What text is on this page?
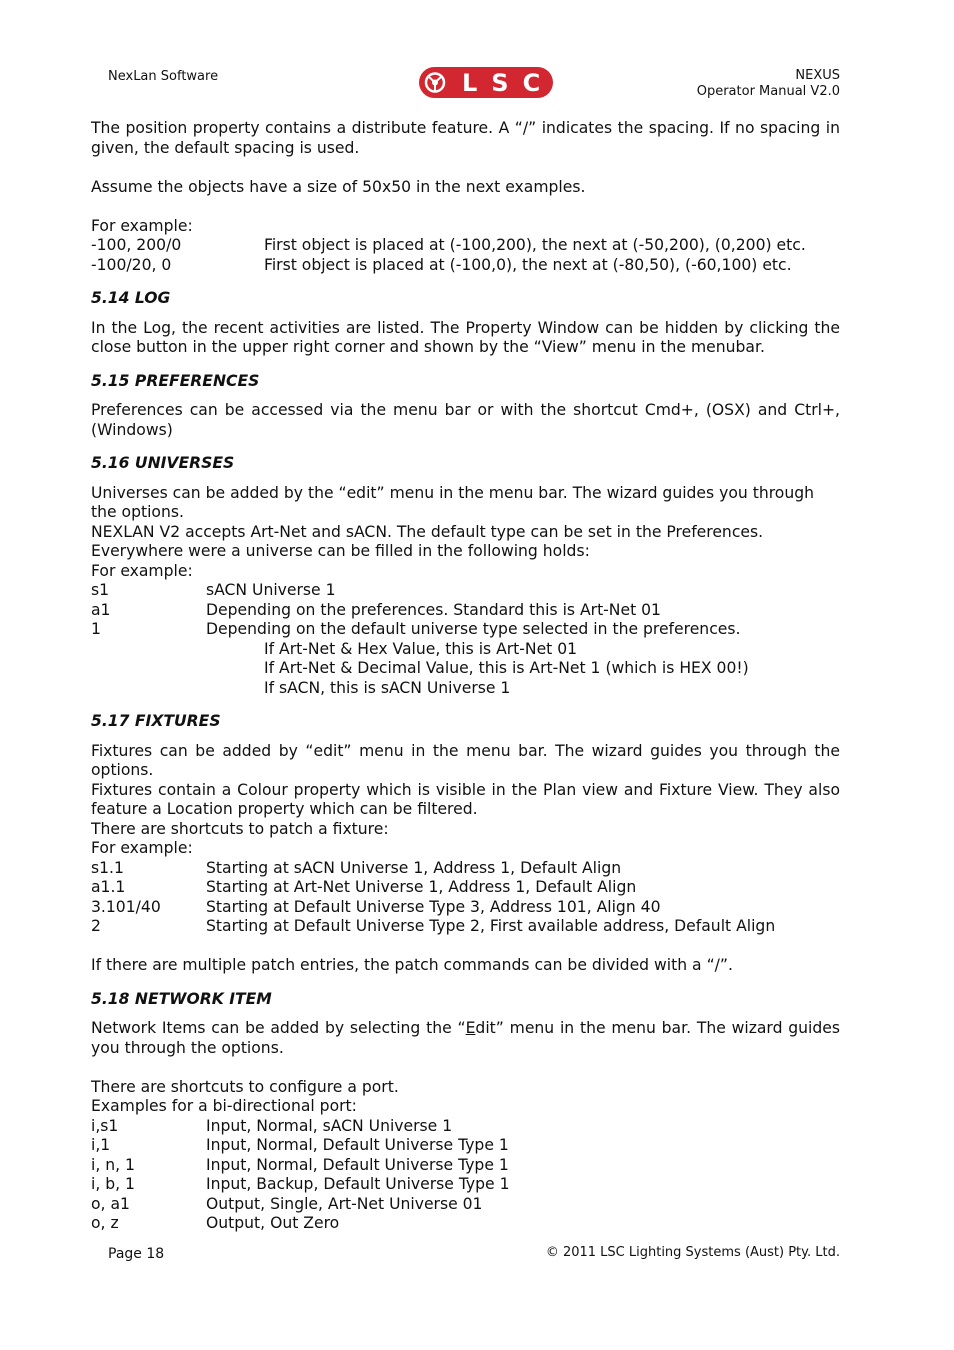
NexLan Software	LSC	NEXUS
Operator Manual V2.0

The position property contains a distribute feature. A “/” indicates the spacing. If no spacing in given, the default spacing is used.

Assume the objects have a size of 50x50 in the next examples.

For example:

-100, 200/0	First object is placed at (-100,200), the next at (-50,200), (0,200) etc.
-100/20, 0	First object is placed at (-100,0), the next at (-80,50), (-60,100) etc.
5.14 LOG

In the Log, the recent activities are listed. The Property Window can be hidden by clicking the close button in the upper right corner and shown by the “View” menu in the menubar.

5.15 PREFERENCES

Preferences can be accessed via the menu bar or with the shortcut Cmd+, (OSX) and Ctrl+, (Windows)

5.16 UNIVERSES

Universes can be added by the “edit” menu in the menu bar. The wizard guides you through the options.

NEXLAN V2 accepts Art-Net and sACN. The default type can be set in the Preferences.

Everywhere were a universe can be filled in the following holds:

For example:

s1	sACN Universe 1
a1	Depending on the preferences. Standard this is Art-Net 01
1	Depending on the default universe type selected in the preferences.

If Art-Net & Hex Value, this is Art-Net 01

If Art-Net & Decimal Value, this is Art-Net 1 (which is HEX 00!)

If sACN, this is sACN Universe 1

5.17 FIXTURES

Fixtures can be added by “edit” menu in the menu bar. The wizard guides you through the options.

Fixtures contain a Colour property which is visible in the Plan view and Fixture View. They also feature a Location property which can be filtered.

There are shortcuts to patch a fixture:

For example:

s1.1	Starting at sACN Universe 1, Address 1, Default Align
a1.1	Starting at Art-Net Universe 1, Address 1, Default Align
3.101/40	Starting at Default Universe Type 3, Address 101, Align 40
2	Starting at Default Universe Type 2, First available address, Default Align

If there are multiple patch entries, the patch commands can be divided with a “/”.

5.18 NETWORK ITEM

Network Items can be added by selecting the “Edit” menu in the menu bar. The wizard guides you through the options.

There are shortcuts to configure a port.

Examples for a bi-directional port:

i,s1	Input, Normal, sACN Universe 1
i,1	Input, Normal, Default Universe Type 1
i, n, 1	Input, Normal, Default Universe Type 1
i, b, 1	Input, Backup, Default Universe Type 1
o, a1	Output, Single, Art-Net Universe 01
o, z	Output, Out Zero
Page 18	© 2011 LSC Lighting Systems (Aust) Pty. Ltd.
